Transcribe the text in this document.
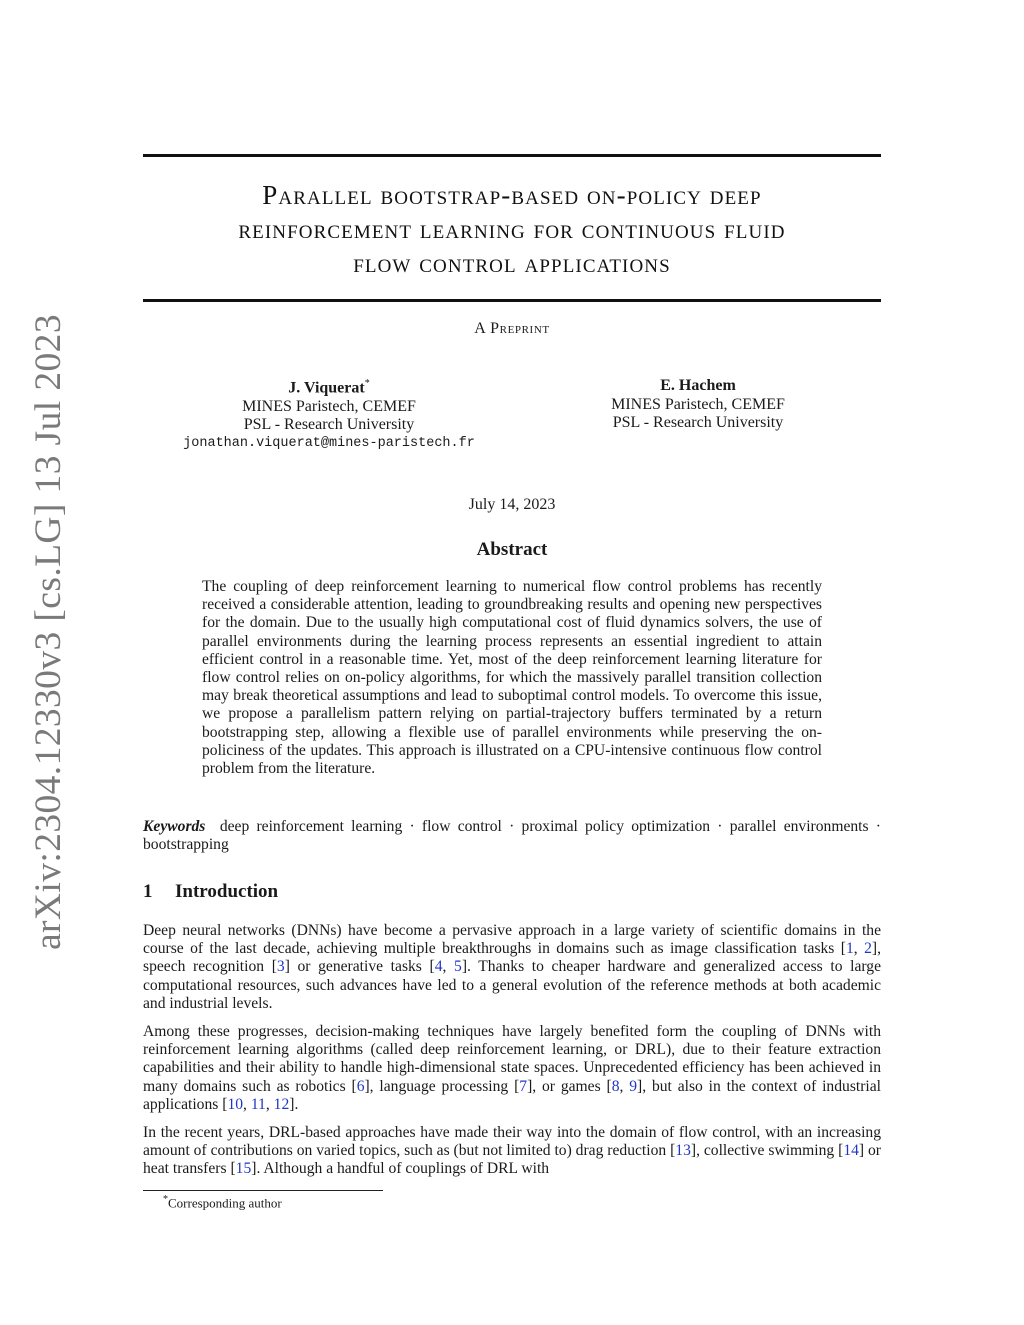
arXiv:2304.12330v3 [cs.LG] 13 Jul 2023
Parallel bootstrap-based on-policy deep
reinforcement learning for continuous fluid
flow control applications
A Preprint
J. Viquerat*
MINES Paristech, CEMEF
PSL - Research University
jonathan.viquerat@mines-paristech.fr
E. Hachem
MINES Paristech, CEMEF
PSL - Research University
July 14, 2023
Abstract

The coupling of deep reinforcement learning to numerical flow control problems has recently received a considerable attention, leading to groundbreaking results and opening new perspectives for the domain. Due to the usually high computational cost of fluid dynamics solvers, the use of parallel environments during the learning process represents an essential ingredient to attain efficient control in a reasonable time. Yet, most of the deep reinforcement learning literature for flow control relies on on-policy algorithms, for which the massively parallel transition collection may break theoretical assumptions and lead to suboptimal control models. To overcome this issue, we propose a parallelism pattern relying on partial-trajectory buffers terminated by a return bootstrapping step, allowing a flexible use of parallel environments while preserving the on-policiness of the updates. This approach is illustrated on a CPU-intensive continuous flow control problem from the literature.

Keywords deep reinforcement learning · flow control · proximal policy optimization · parallel environments · bootstrapping

1 Introduction

Deep neural networks (DNNs) have become a pervasive approach in a large variety of scientific domains in the course of the last decade, achieving multiple breakthroughs in domains such as image classification tasks [1, 2], speech recognition [3] or generative tasks [4, 5]. Thanks to cheaper hardware and generalized access to large computational resources, such advances have led to a general evolution of the reference methods at both academic and industrial levels.

Among these progresses, decision-making techniques have largely benefited form the coupling of DNNs with reinforcement learning algorithms (called deep reinforcement learning, or DRL), due to their feature extraction capabilities and their ability to handle high-dimensional state spaces. Unprecedented efficiency has been achieved in many domains such as robotics [6], language processing [7], or games [8, 9], but also in the context of industrial applications [10, 11, 12].

In the recent years, DRL-based approaches have made their way into the domain of flow control, with an increasing amount of contributions on varied topics, such as (but not limited to) drag reduction [13], collective swimming [14] or heat transfers [15]. Although a handful of couplings of DRL with

*Corresponding author
